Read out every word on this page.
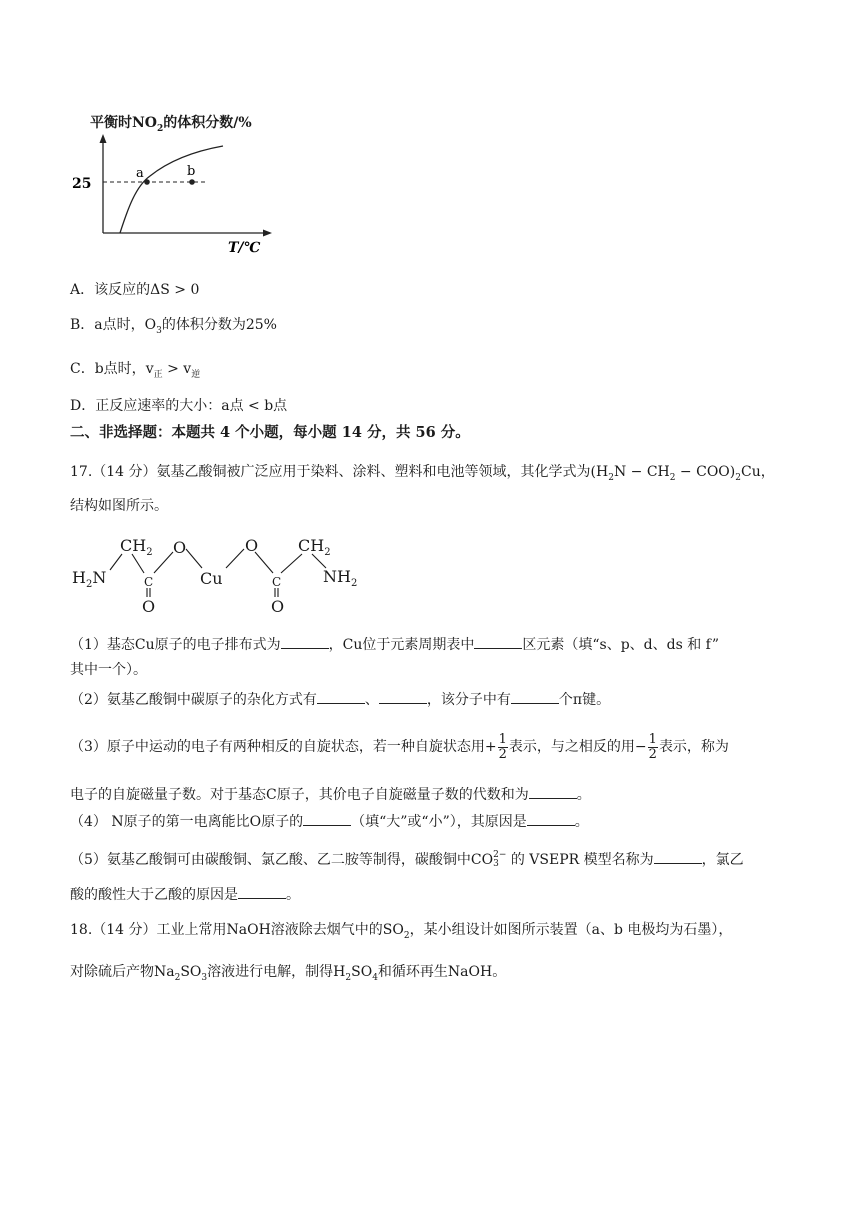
平衡时$NO_2$的体积分数/%
25
a	b
T/℃
A．该反应的ΔS > 0
B．a点时，$O_3$的体积分数为25%
C．b点时，$v_正 > v_逆$
D．正反应速率的大小：a点 < b点
二、非选择题：本题共 4 个小题，每小题 14 分，共 56 分。
17.（14 分）氨基乙酸铜被广泛应用于染料、涂料、塑料和电池等领域，其化学式为$(H_2N - CH_2 - COO)_2Cu$，
结构如图所示。
$H_2N$
$CH_2$
C
O
O
Cu
O
C
O
$CH_2$
$NH_2$
（1）基态Cu原子的电子排布式为	，Cu位于元素周期表中	区元素（填“s、p、d、ds 和 f”
其中一个）。
（2）氨基乙酸铜中碳原子的杂化方式有	、	，该分子中有	个π键。
（3）原子中运动的电子有两种相反的自旋状态，若一种自旋状态用+ $\frac{1}{2}$ 表示，与之相反的用− $\frac{1}{2}$ 表示，称为
电子的自旋磁量子数。对于基态C原子，其价电子自旋磁量子数的代数和为	。
（4） N原子的第一电离能比O原子的	（填“大”或“小”），其原因是	。
（5）氨基乙酸铜可由碳酸铜、氯乙酸、乙二胺等制得，碳酸铜中CO 2−
3 的 VSEPR 模型名称为	，氯乙
酸的酸性大于乙酸的原因是	。
18.（14 分）工业上常用NaOH溶液除去烟气中的$SO_2$，某小组设计如图所示装置（a、b 电极均为石墨），
对除硫后产物$Na_2SO_3$溶液进行电解，制得$H_2SO_4$和循环再生NaOH。
